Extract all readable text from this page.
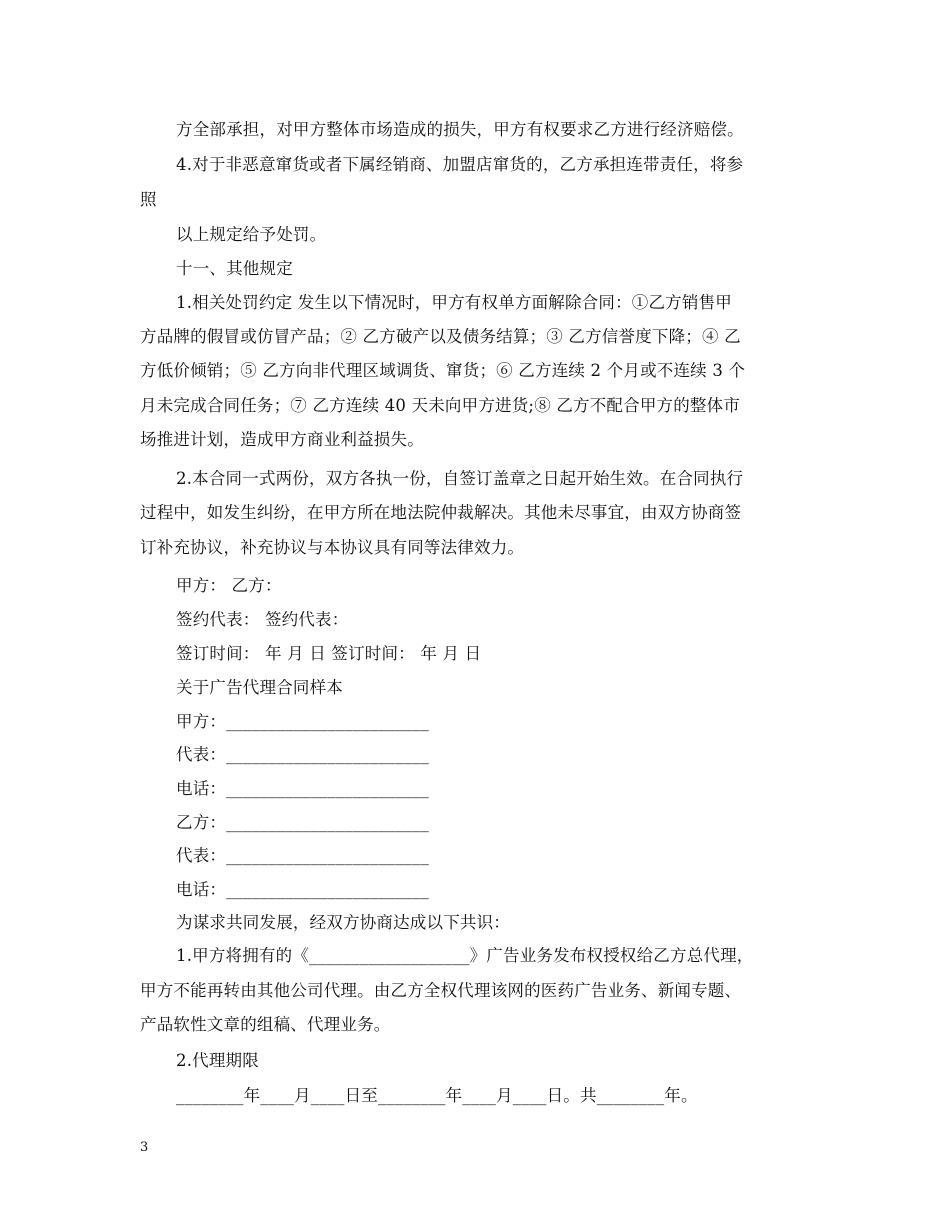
方全部承担，对甲方整体市场造成的损失，甲方有权要求乙方进行经济赔偿。
4.对于非恶意窜货或者下属经销商、加盟店窜货的，乙方承担连带责任，将参
照
以上规定给予处罚。
十一、其他规定
1.相关处罚约定 发生以下情况时，甲方有权单方面解除合同：①乙方销售甲
方品牌的假冒或仿冒产品；② 乙方破产以及债务结算；③ 乙方信誉度下降；④ 乙
方低价倾销；⑤ 乙方向非代理区域调货、窜货；⑥ 乙方连续 2 个月或不连续 3 个
月未完成合同任务；⑦ 乙方连续 40 天未向甲方进货;⑧ 乙方不配合甲方的整体市
场推进计划，造成甲方商业利益损失。
2.本合同一式两份，双方各执一份，自签订盖章之日起开始生效。在合同执行
过程中，如发生纠纷，在甲方所在地法院仲裁解决。其他未尽事宜，由双方协商签
订补充协议，补充协议与本协议具有同等法律效力。
甲方： 乙方：
签约代表： 签约代表：
签订时间： 年 月 日 签订时间： 年 月 日
关于广告代理合同样本
甲方：________________________
代表：________________________
电话：________________________
乙方：________________________
代表：________________________
电话：________________________
为谋求共同发展，经双方协商达成以下共识：
1.甲方将拥有的《___________________》广告业务发布权授权给乙方总代理，
甲方不能再转由其他公司代理。由乙方全权代理该网的医药广告业务、新闻专题、
产品软性文章的组稿、代理业务。
2.代理期限
________年____月____日至________年____月____日。共________年。
3
